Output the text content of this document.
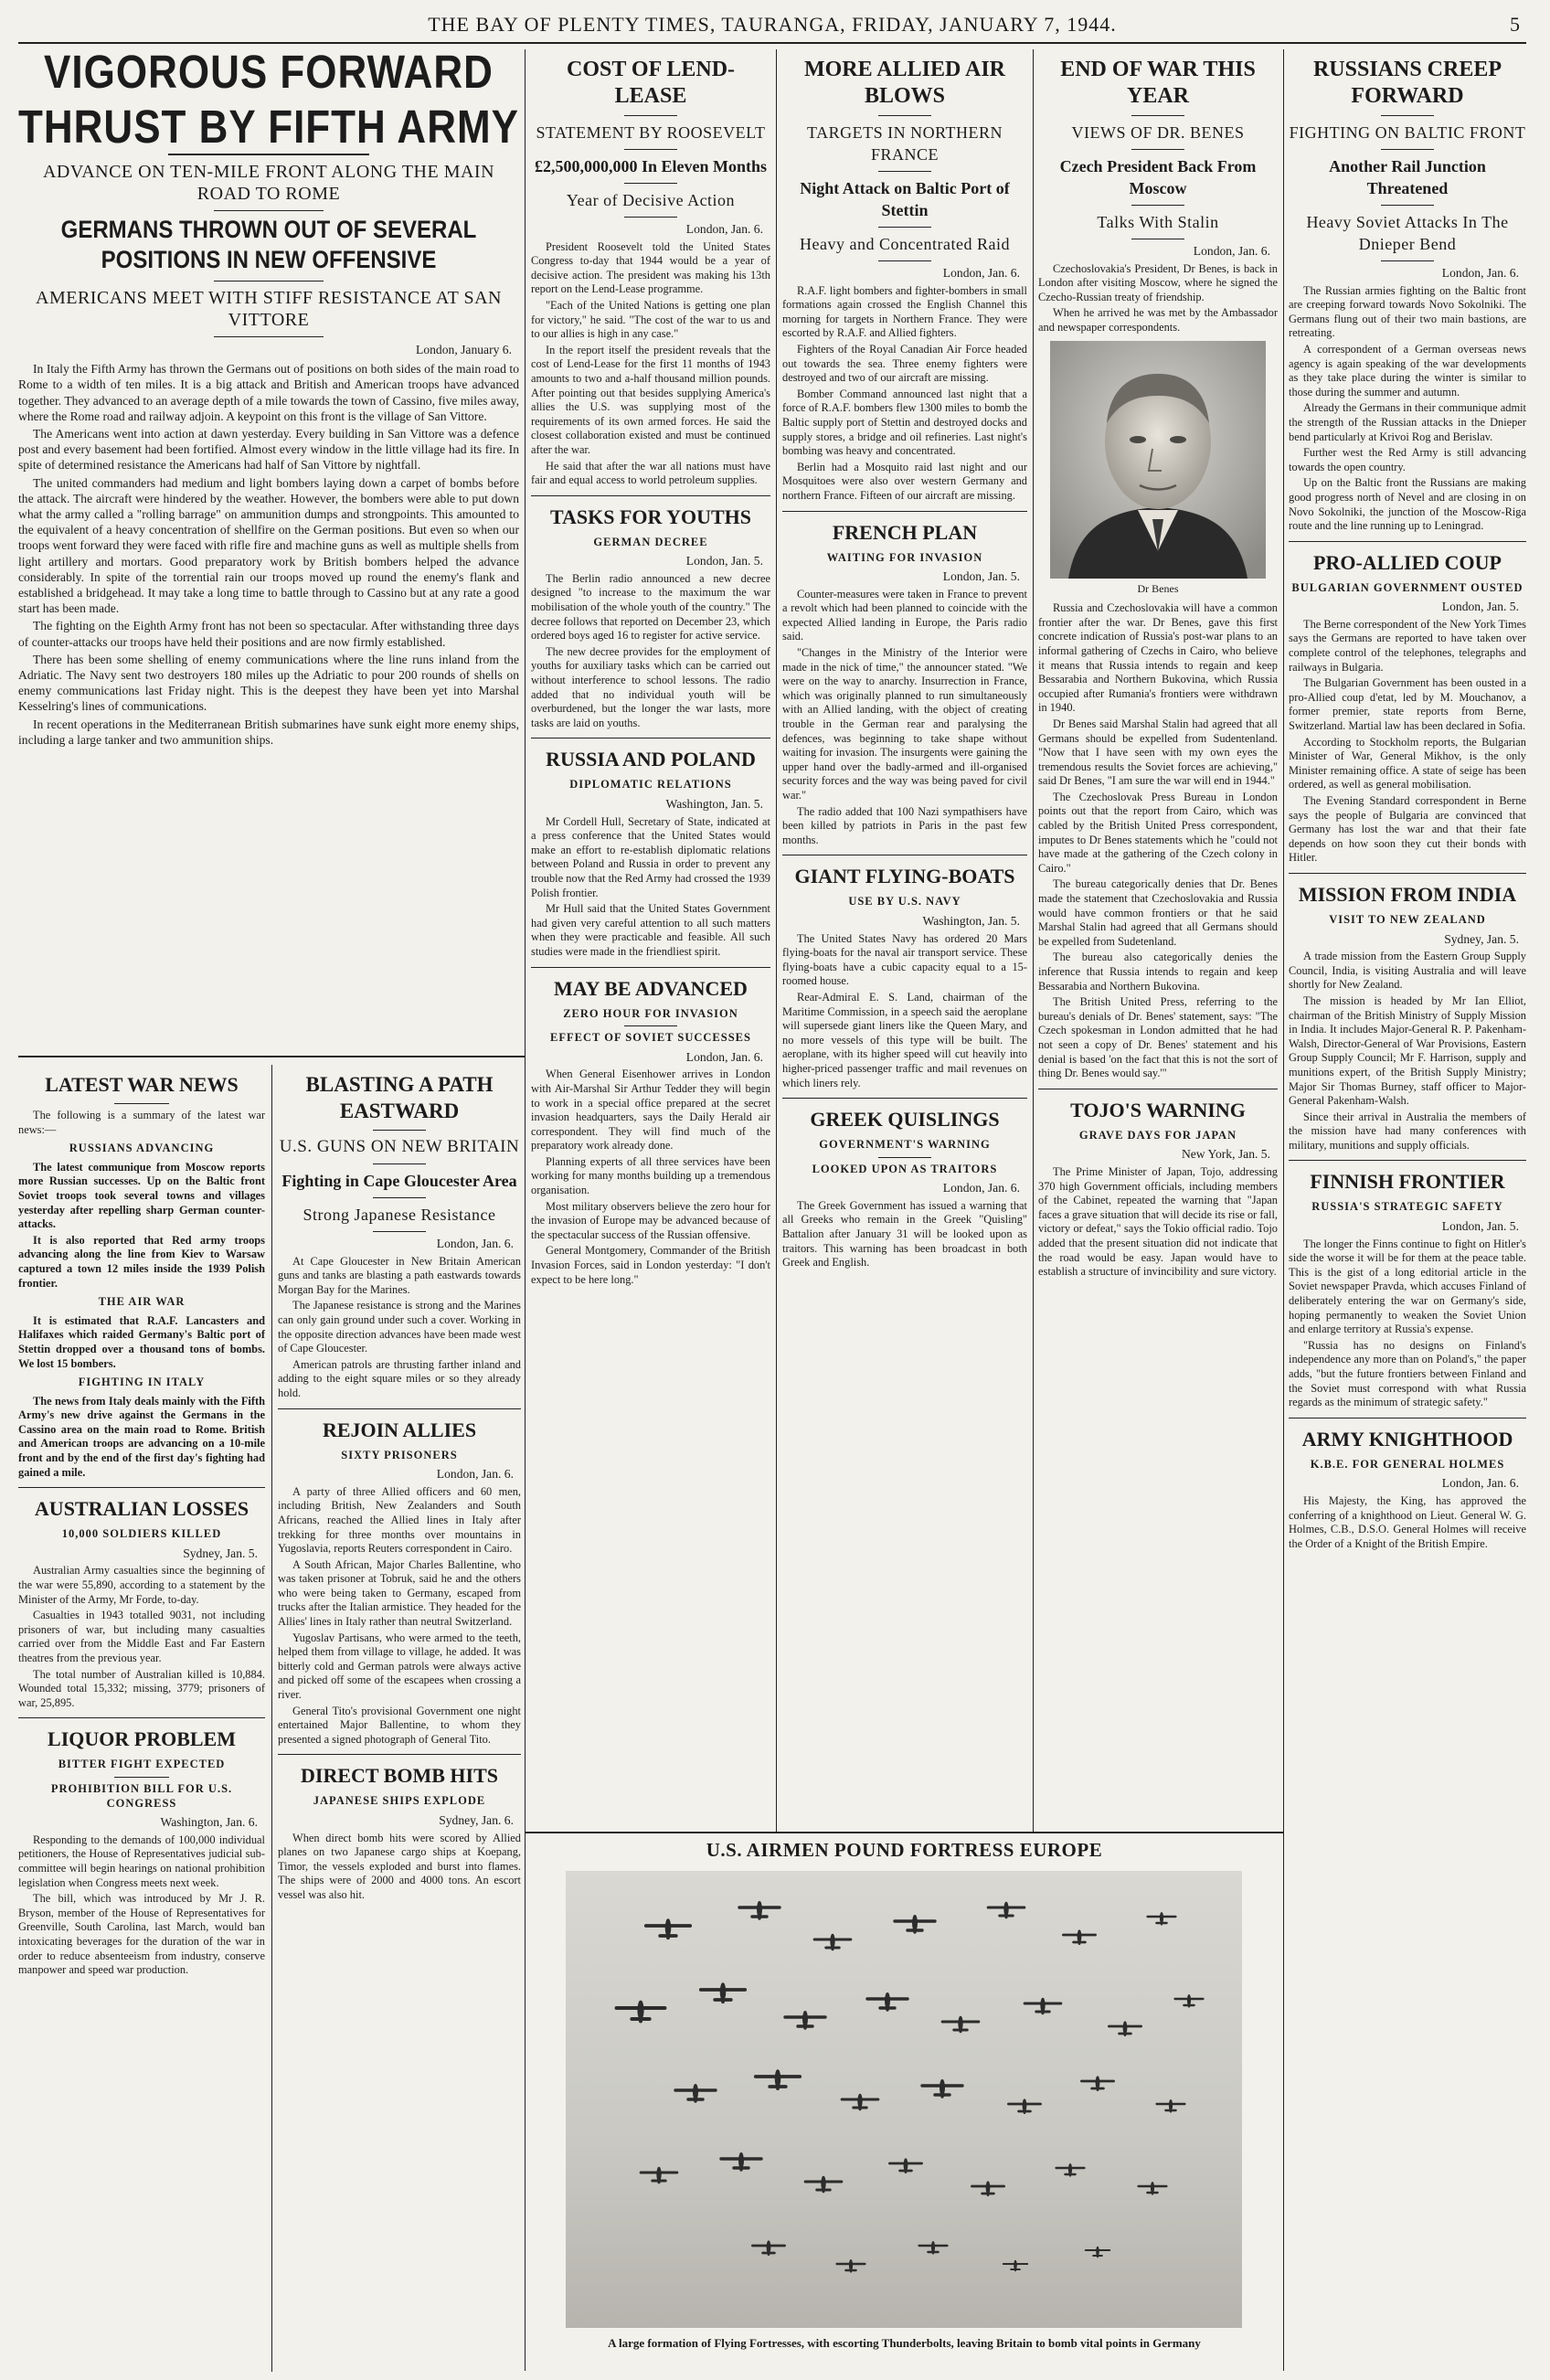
THE BAY OF PLENTY TIMES, TAURANGA, FRIDAY, JANUARY 7, 1944.	5
VIGOROUS FORWARD THRUST BY FIFTH ARMY
ADVANCE ON TEN-MILE FRONT ALONG THE MAIN ROAD TO ROME
GERMANS THROWN OUT OF SEVERAL POSITIONS IN NEW OFFENSIVE
AMERICANS MEET WITH STIFF RESISTANCE AT SAN VITTORE
London, January 6.

In Italy the Fifth Army has thrown the Germans out of positions on both sides of the main road to Rome to a width of ten miles. It is a big attack and British and American troops have advanced together. They advanced to an average depth of a mile towards the town of Cassino, five miles away, where the Rome road and railway adjoin. A keypoint on this front is the village of San Vittore.

The Americans went into action at dawn yesterday. Every building in San Vittore was a defence post and every basement had been fortified. Almost every window in the little village had its fire. In spite of determined resistance the Americans had half of San Vittore by nightfall.

The united commanders had medium and light bombers laying down a carpet of bombs before the attack. The aircraft were hindered by the weather. However, the bombers were able to put down what the army called a "rolling barrage" on ammunition dumps and strongpoints. This amounted to the equivalent of a heavy concentration of shellfire on the German positions. But even so when our troops went forward they were faced with rifle fire and machine guns as well as multiple shells from light artillery and mortars. Good preparatory work by British bombers helped the advance considerably. In spite of the torrential rain our troops moved up round the enemy's flank and established a bridgehead. It may take a long time to battle through to Cassino but at any rate a good start has been made.

The fighting on the Eighth Army front has not been so spectacular. After withstanding three days of counter-attacks our troops have held their positions and are now firmly established.

There has been some shelling of enemy communications where the line runs inland from the Adriatic. The Navy sent two destroyers 180 miles up the Adriatic to pour 200 rounds of shells on enemy communications last Friday night. This is the deepest they have been yet into Marshal Kesselring's lines of communications.

In recent operations in the Mediterranean British submarines have sunk eight more enemy ships, including a large tanker and two ammunition ships.

LATEST WAR NEWS

The following is a summary of the latest war news:—

RUSSIANS ADVANCING

The latest communique from Moscow reports more Russian successes. Up on the Baltic front Soviet troops took several towns and villages yesterday after repelling sharp German counter-attacks.

It is also reported that Red army troops advancing along the line from Kiev to Warsaw captured a town 12 miles inside the 1939 Polish frontier.

THE AIR WAR

It is estimated that R.A.F. Lancasters and Halifaxes which raided Germany's Baltic port of Stettin dropped over a thousand tons of bombs. We lost 15 bombers.

FIGHTING IN ITALY

The news from Italy deals mainly with the Fifth Army's new drive against the Germans in the Cassino area on the main road to Rome. British and American troops are advancing on a 10-mile front and by the end of the first day's fighting had gained a mile.

AUSTRALIAN LOSSES
10,000 SOLDIERS KILLED
Sydney, Jan. 5.

Australian Army casualties since the beginning of the war were 55,890, according to a statement by the Minister of the Army, Mr Forde, to-day.

Casualties in 1943 totalled 9031, not including prisoners of war, but including many casualties carried over from the Middle East and Far Eastern theatres from the previous year.

The total number of Australian killed is 10,884. Wounded total 15,332; missing, 3779; prisoners of war, 25,895.

LIQUOR PROBLEM
BITTER FIGHT EXPECTED
PROHIBITION BILL FOR U.S. CONGRESS
Washington, Jan. 6.

Responding to the demands of 100,000 individual petitioners, the House of Representatives judicial sub-committee will begin hearings on national prohibition legislation when Congress meets next week.

The bill, which was introduced by Mr J. R. Bryson, member of the House of Representatives for Greenville, South Carolina, last March, would ban intoxicating beverages for the duration of the war in order to reduce absenteeism from industry, conserve manpower and speed war production.

BLASTING A PATH EASTWARD
U.S. GUNS ON NEW BRITAIN
Fighting in Cape Gloucester Area
Strong Japanese Resistance
London, Jan. 6.

At Cape Gloucester in New Britain American guns and tanks are blasting a path eastwards towards Morgan Bay for the Marines.

The Japanese resistance is strong and the Marines can only gain ground under such a cover. Working in the opposite direction advances have been made west of Cape Gloucester.

American patrols are thrusting farther inland and adding to the eight square miles or so they already hold.

REJOIN ALLIES
SIXTY PRISONERS
London, Jan. 6.

A party of three Allied officers and 60 men, including British, New Zealanders and South Africans, reached the Allied lines in Italy after trekking for three months over mountains in Yugoslavia, reports Reuters correspondent in Cairo.

A South African, Major Charles Ballentine, who was taken prisoner at Tobruk, said he and the others who were being taken to Germany, escaped from trucks after the Italian armistice. They headed for the Allies' lines in Italy rather than neutral Switzerland.

Yugoslav Partisans, who were armed to the teeth, helped them from village to village, he added. It was bitterly cold and German patrols were always active and picked off some of the escapees when crossing a river.

General Tito's provisional Government one night entertained Major Ballentine, to whom they presented a signed photograph of General Tito.

DIRECT BOMB HITS
JAPANESE SHIPS EXPLODE
Sydney, Jan. 6.

When direct bomb hits were scored by Allied planes on two Japanese cargo ships at Koepang, Timor, the vessels exploded and burst into flames. The ships were of 2000 and 4000 tons. An escort vessel was also hit.

COST OF LEND-LEASE
STATEMENT BY ROOSEVELT
£2,500,000,000 In Eleven Months
Year of Decisive Action
London, Jan. 6.

President Roosevelt told the United States Congress to-day that 1944 would be a year of decisive action. The president was making his 13th report on the Lend-Lease programme.

"Each of the United Nations is getting one plan for victory," he said. "The cost of the war to us and to our allies is high in any case."

In the report itself the president reveals that the cost of Lend-Lease for the first 11 months of 1943 amounts to two and a-half thousand million pounds. After pointing out that besides supplying America's allies the U.S. was supplying most of the requirements of its own armed forces. He said the closest collaboration existed and must be continued after the war.

He said that after the war all nations must have fair and equal access to world petroleum supplies.

TASKS FOR YOUTHS
GERMAN DECREE
London, Jan. 5.

The Berlin radio announced a new decree designed "to increase to the maximum the war mobilisation of the whole youth of the country." The decree follows that reported on December 23, which ordered boys aged 16 to register for active service.

The new decree provides for the employment of youths for auxiliary tasks which can be carried out without interference to school lessons. The radio added that no individual youth will be overburdened, but the longer the war lasts, more tasks are laid on youths.

RUSSIA AND POLAND
DIPLOMATIC RELATIONS
Washington, Jan. 5.

Mr Cordell Hull, Secretary of State, indicated at a press conference that the United States would make an effort to re-establish diplomatic relations between Poland and Russia in order to prevent any trouble now that the Red Army had crossed the 1939 Polish frontier.

Mr Hull said that the United States Government had given very careful attention to all such matters when they were practicable and feasible. All such studies were made in the friendliest spirit.

MAY BE ADVANCED
ZERO HOUR FOR INVASION
EFFECT OF SOVIET SUCCESSES
London, Jan. 6.

When General Eisenhower arrives in London with Air-Marshal Sir Arthur Tedder they will begin to work in a special office prepared at the secret invasion headquarters, says the Daily Herald air correspondent. They will find much of the preparatory work already done.

Planning experts of all three services have been working for many months building up a tremendous organisation.

Most military observers believe the zero hour for the invasion of Europe may be advanced because of the spectacular success of the Russian offensive.

General Montgomery, Commander of the British Invasion Forces, said in London yesterday: "I don't expect to be here long."

MORE ALLIED AIR BLOWS
TARGETS IN NORTHERN FRANCE
Night Attack on Baltic Port of Stettin
Heavy and Concentrated Raid
London, Jan. 6.

R.A.F. light bombers and fighter-bombers in small formations again crossed the English Channel this morning for targets in Northern France. They were escorted by R.A.F. and Allied fighters.

Fighters of the Royal Canadian Air Force headed out towards the sea. Three enemy fighters were destroyed and two of our aircraft are missing.

Bomber Command announced last night that a force of R.A.F. bombers flew 1300 miles to bomb the Baltic supply port of Stettin and destroyed docks and supply stores, a bridge and oil refineries. Last night's bombing was heavy and concentrated.

Berlin had a Mosquito raid last night and our Mosquitoes were also over western Germany and northern France. Fifteen of our aircraft are missing.

FRENCH PLAN
WAITING FOR INVASION
London, Jan. 5.

Counter-measures were taken in France to prevent a revolt which had been planned to coincide with the expected Allied landing in Europe, the Paris radio said.

"Changes in the Ministry of the Interior were made in the nick of time," the announcer stated. "We were on the way to anarchy. Insurrection in France, which was originally planned to run simultaneously with an Allied landing, with the object of creating trouble in the German rear and paralysing the defences, was beginning to take shape without waiting for invasion. The insurgents were gaining the upper hand over the badly-armed and ill-organised security forces and the way was being paved for civil war."

The radio added that 100 Nazi sympathisers have been killed by patriots in Paris in the past few months.

GIANT FLYING-BOATS
USE BY U.S. NAVY
Washington, Jan. 5.

The United States Navy has ordered 20 Mars flying-boats for the naval air transport service. These flying-boats have a cubic capacity equal to a 15-roomed house.

Rear-Admiral E. S. Land, chairman of the Maritime Commission, in a speech said the aeroplane will supersede giant liners like the Queen Mary, and no more vessels of this type will be built. The aeroplane, with its higher speed will cut heavily into higher-priced passenger traffic and mail revenues on which liners rely.

GREEK QUISLINGS
GOVERNMENT'S WARNING
LOOKED UPON AS TRAITORS
London, Jan. 6.

The Greek Government has issued a warning that all Greeks who remain in the Greek "Quisling" Battalion after January 31 will be looked upon as traitors. This warning has been broadcast in both Greek and English.

END OF WAR THIS YEAR
VIEWS OF DR. BENES
Czech President Back From Moscow
Talks With Stalin
London, Jan. 6.

Czechoslovakia's President, Dr Benes, is back in London after visiting Moscow, where he signed the Czecho-Russian treaty of friendship.

When he arrived he was met by the Ambassador and newspaper correspondents.

Dr Benes

Russia and Czechoslovakia will have a common frontier after the war. Dr Benes, gave this first concrete indication of Russia's post-war plans to an informal gathering of Czechs in Cairo, who believe it means that Russia intends to regain and keep Bessarabia and Northern Bukovina, which Russia occupied after Rumania's frontiers were withdrawn in 1940.

Dr Benes said Marshal Stalin had agreed that all Germans should be expelled from Sudentenland. "Now that I have seen with my own eyes the tremendous results the Soviet forces are achieving," said Dr Benes, "I am sure the war will end in 1944."

The Czechoslovak Press Bureau in London points out that the report from Cairo, which was cabled by the British United Press correspondent, imputes to Dr Benes statements which he "could not have made at the gathering of the Czech colony in Cairo."

The bureau categorically denies that Dr. Benes made the statement that Czechoslovakia and Russia would have common frontiers or that he said Marshal Stalin had agreed that all Germans should be expelled from Sudetenland.

The bureau also categorically denies the inference that Russia intends to regain and keep Bessarabia and Northern Bukovina.

The British United Press, referring to the bureau's denials of Dr. Benes' statement, says: "The Czech spokesman in London admitted that he had not seen a copy of Dr. Benes' statement and his denial is based 'on the fact that this is not the sort of thing Dr. Benes would say.'"

TOJO'S WARNING
GRAVE DAYS FOR JAPAN
New York, Jan. 5.

The Prime Minister of Japan, Tojo, addressing 370 high Government officials, including members of the Cabinet, repeated the warning that "Japan faces a grave situation that will decide its rise or fall, victory or defeat," says the Tokio official radio. Tojo added that the present situation did not indicate that the road would be easy. Japan would have to establish a structure of invincibility and sure victory.

RUSSIANS CREEP FORWARD
FIGHTING ON BALTIC FRONT
Another Rail Junction Threatened
Heavy Soviet Attacks In The Dnieper Bend
London, Jan. 6.

The Russian armies fighting on the Baltic front are creeping forward towards Novo Sokolniki. The Germans flung out of their two main bastions, are retreating.

A correspondent of a German overseas news agency is again speaking of the war developments as they take place during the winter is similar to those during the summer and autumn.

Already the Germans in their communique admit the strength of the Russian attacks in the Dnieper bend particularly at Krivoi Rog and Berislav.

Further west the Red Army is still advancing towards the open country.

Up on the Baltic front the Russians are making good progress north of Nevel and are closing in on Novo Sokolniki, the junction of the Moscow-Riga route and the line running up to Leningrad.

PRO-ALLIED COUP
BULGARIAN GOVERNMENT OUSTED
London, Jan. 5.

The Berne correspondent of the New York Times says the Germans are reported to have taken over complete control of the telephones, telegraphs and railways in Bulgaria.

The Bulgarian Government has been ousted in a pro-Allied coup d'etat, led by M. Mouchanov, a former premier, state reports from Berne, Switzerland. Martial law has been declared in Sofia.

According to Stockholm reports, the Bulgarian Minister of War, General Mikhov, is the only Minister remaining office. A state of seige has been ordered, as well as general mobilisation.

The Evening Standard correspondent in Berne says the people of Bulgaria are convinced that Germany has lost the war and that their fate depends on how soon they cut their bonds with Hitler.

MISSION FROM INDIA
VISIT TO NEW ZEALAND
Sydney, Jan. 5.

A trade mission from the Eastern Group Supply Council, India, is visiting Australia and will leave shortly for New Zealand.

The mission is headed by Mr Ian Elliot, chairman of the British Ministry of Supply Mission in India. It includes Major-General R. P. Pakenham-Walsh, Director-General of War Provisions, Eastern Group Supply Council; Mr F. Harrison, supply and munitions expert, of the British Supply Ministry; Major Sir Thomas Burney, staff officer to Major-General Pakenham-Walsh.

Since their arrival in Australia the members of the mission have had many conferences with military, munitions and supply officials.

FINNISH FRONTIER
RUSSIA'S STRATEGIC SAFETY
London, Jan. 5.

The longer the Finns continue to fight on Hitler's side the worse it will be for them at the peace table. This is the gist of a long editorial article in the Soviet newspaper Pravda, which accuses Finland of deliberately entering the war on Germany's side, hoping permanently to weaken the Soviet Union and enlarge territory at Russia's expense.

"Russia has no designs on Finland's independence any more than on Poland's," the paper adds, "but the future frontiers between Finland and the Soviet must correspond with what Russia regards as the minimum of strategic safety."

ARMY KNIGHTHOOD
K.B.E. FOR GENERAL HOLMES
London, Jan. 6.

His Majesty, the King, has approved the conferring of a knighthood on Lieut. General W. G. Holmes, C.B., D.S.O. General Holmes will receive the Order of a Knight of the British Empire.

U.S. AIRMEN POUND FORTRESS EUROPE
A large formation of Flying Fortresses, with escorting Thunderbolts, leaving Britain to bomb vital points in Germany
